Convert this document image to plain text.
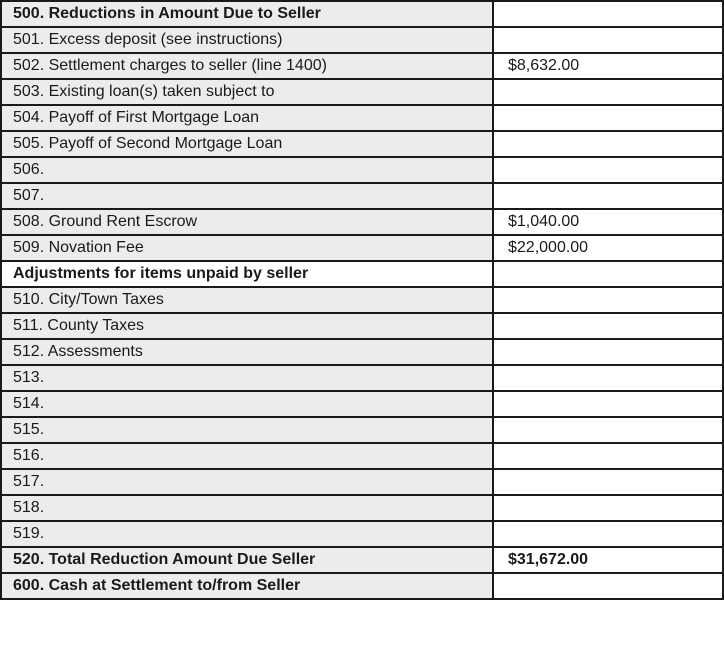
500. Reductions in Amount Due to Seller	
501. Excess deposit (see instructions)	
502. Settlement charges to seller (line 1400)	$8,632.00
503. Existing loan(s) taken subject to	
504. Payoff of First Mortgage Loan	
505. Payoff of Second Mortgage Loan	
506.	
507.	
508. Ground Rent Escrow	$1,040.00
509. Novation Fee	$22,000.00
Adjustments for items unpaid by seller	
510. City/Town Taxes	
511. County Taxes	
512. Assessments	
513.	
514.	
515.	
516.	
517.	
518.	
519.	
520. Total Reduction Amount Due Seller	$31,672.00
600. Cash at Settlement to/from Seller	
